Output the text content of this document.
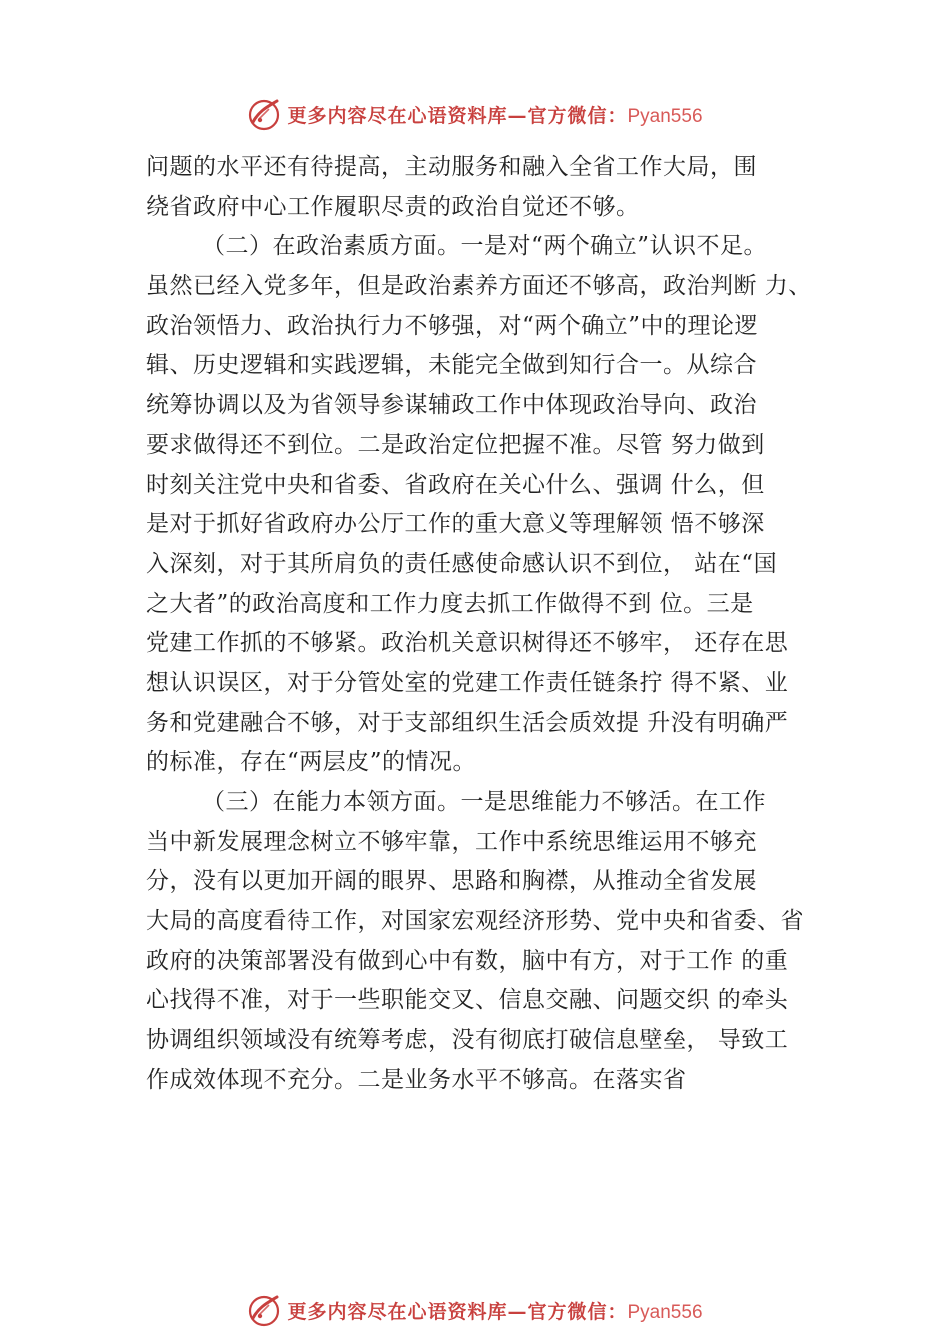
更多内容尽在心语资料库—官方微信：Pyan556
问题的水平还有待提高，主动服务和融入全省工作大局，围
绕省政府中心工作履职尽责的政治自觉还不够。
（二）在政治素质方面。一是对“两个确立”认识不足。
虽然已经入党多年，但是政治素养方面还不够高，政治判断 力、
政治领悟力、政治执行力不够强，对“两个确立”中的理论逻
辑、历史逻辑和实践逻辑，未能完全做到知行合一。从综合
统筹协调以及为省领导参谋辅政工作中体现政治导向、政治
要求做得还不到位。二是政治定位把握不准。尽管 努力做到
时刻关注党中央和省委、省政府在关心什么、强调 什么，但
是对于抓好省政府办公厅工作的重大意义等理解领 悟不够深
入深刻，对于其所肩负的责任感使命感认识不到位， 站在“国
之大者”的政治高度和工作力度去抓工作做得不到 位。三是
党建工作抓的不够紧。政治机关意识树得还不够牢， 还存在思
想认识误区，对于分管处室的党建工作责任链条拧 得不紧、业
务和党建融合不够，对于支部组织生活会质效提 升没有明确严
的标准，存在“两层皮”的情况。
（三）在能力本领方面。一是思维能力不够活。在工作
当中新发展理念树立不够牢靠，工作中系统思维运用不够充
分，没有以更加开阔的眼界、思路和胸襟，从推动全省发展
大局的高度看待工作，对国家宏观经济形势、党中央和省委、省
政府的决策部署没有做到心中有数，脑中有方，对于工作 的重
心找得不准，对于一些职能交叉、信息交融、问题交织 的牵头
协调组织领域没有统筹考虑，没有彻底打破信息壁垒， 导致工
作成效体现不充分。二是业务水平不够高。在落实省
更多内容尽在心语资料库—官方微信：Pyan556
